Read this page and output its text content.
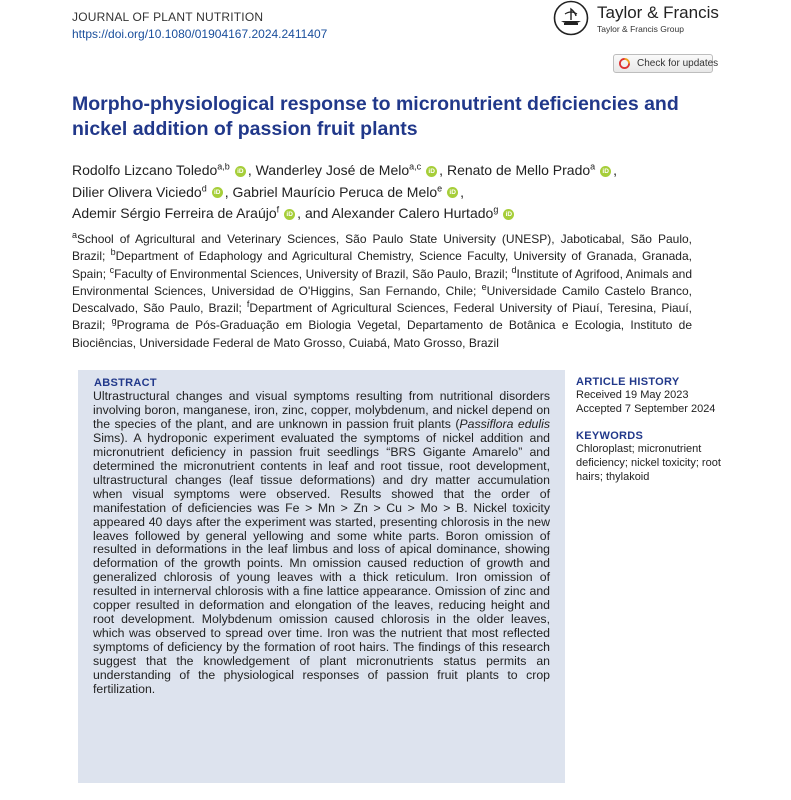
JOURNAL OF PLANT NUTRITION
https://doi.org/10.1080/01904167.2024.2411407
Taylor & Francis
Taylor & Francis Group
Check for updates
Morpho-physiological response to micronutrient deficiencies and nickel addition of passion fruit plants
Rodolfo Lizcano Toledo$^{a,b}$ iD , Wanderley José de Melo$^{a,c}$ iD , Renato de Mello Prado$^a$ iD ,
Dilier Olivera Viciedo$^d$ iD , Gabriel Maurício Peruca de Melo$^e$ iD ,
Ademir Sérgio Ferreira de Araújo$^f$ iD , and Alexander Calero Hurtado$^g$ iD
$^a$School of Agricultural and Veterinary Sciences, São Paulo State University (UNESP), Jaboticabal, São Paulo, Brazil; $^b$Department of Edaphology and Agricultural Chemistry, Science Faculty, University of Granada, Granada, Spain; $^c$Faculty of Environmental Sciences, University of Brazil, São Paulo, Brazil; $^d$Institute of Agrifood, Animals and Environmental Sciences, Universidad de O'Higgins, San Fernando, Chile; $^e$Universidade Camilo Castelo Branco, Descalvado, São Paulo, Brazil; $^f$Department of Agricultural Sciences, Federal University of Piauí, Teresina, Piauí, Brazil; $^g$Programa de Pós-Graduação em Biologia Vegetal, Departamento de Botânica e Ecologia, Instituto de Biociências, Universidade Federal de Mato Grosso, Cuiabá, Mato Grosso, Brazil
ABSTRACT
Ultrastructural changes and visual symptoms resulting from nutritional disorders involving boron, manganese, iron, zinc, copper, molybdenum, and nickel depend on the species of the plant, and are unknown in passion fruit plants (Passiflora edulis Sims). A hydroponic experiment evaluated the symptoms of nickel addition and micronutrient deficiency in passion fruit seedlings “BRS Gigante Amarelo” and determined the micronutrient contents in leaf and root tissue, root development, ultrastructural changes (leaf tissue deformations) and dry matter accumulation when visual symptoms were observed. Results showed that the order of manifestation of deficiencies was Fe > Mn > Zn > Cu > Mo > B. Nickel toxicity appeared 40 days after the experiment was started, presenting chlorosis in the new leaves followed by general yellowing and some white parts. Boron omission of resulted in deformations in the leaf limbus and loss of apical dominance, showing deformation of the growth points. Mn omission caused reduction of growth and generalized chlorosis of young leaves with a thick reticulum. Iron omission of resulted in internerval chlorosis with a fine lattice appearance. Omission of zinc and copper resulted in deformation and elongation of the leaves, reducing height and root development. Molybdenum omission caused chlorosis in the older leaves, which was observed to spread over time. Iron was the nutrient that most reflected symptoms of deficiency by the formation of root hairs. The findings of this research suggest that the knowledgement of plant micronutrients status permits an understanding of the physiological responses of passion fruit plants to crop fertilization.
ARTICLE HISTORY
Received 19 May 2023
Accepted 7 September 2024
KEYWORDS
Chloroplast; micronutrient deficiency; nickel toxicity; root hairs; thylakoid
